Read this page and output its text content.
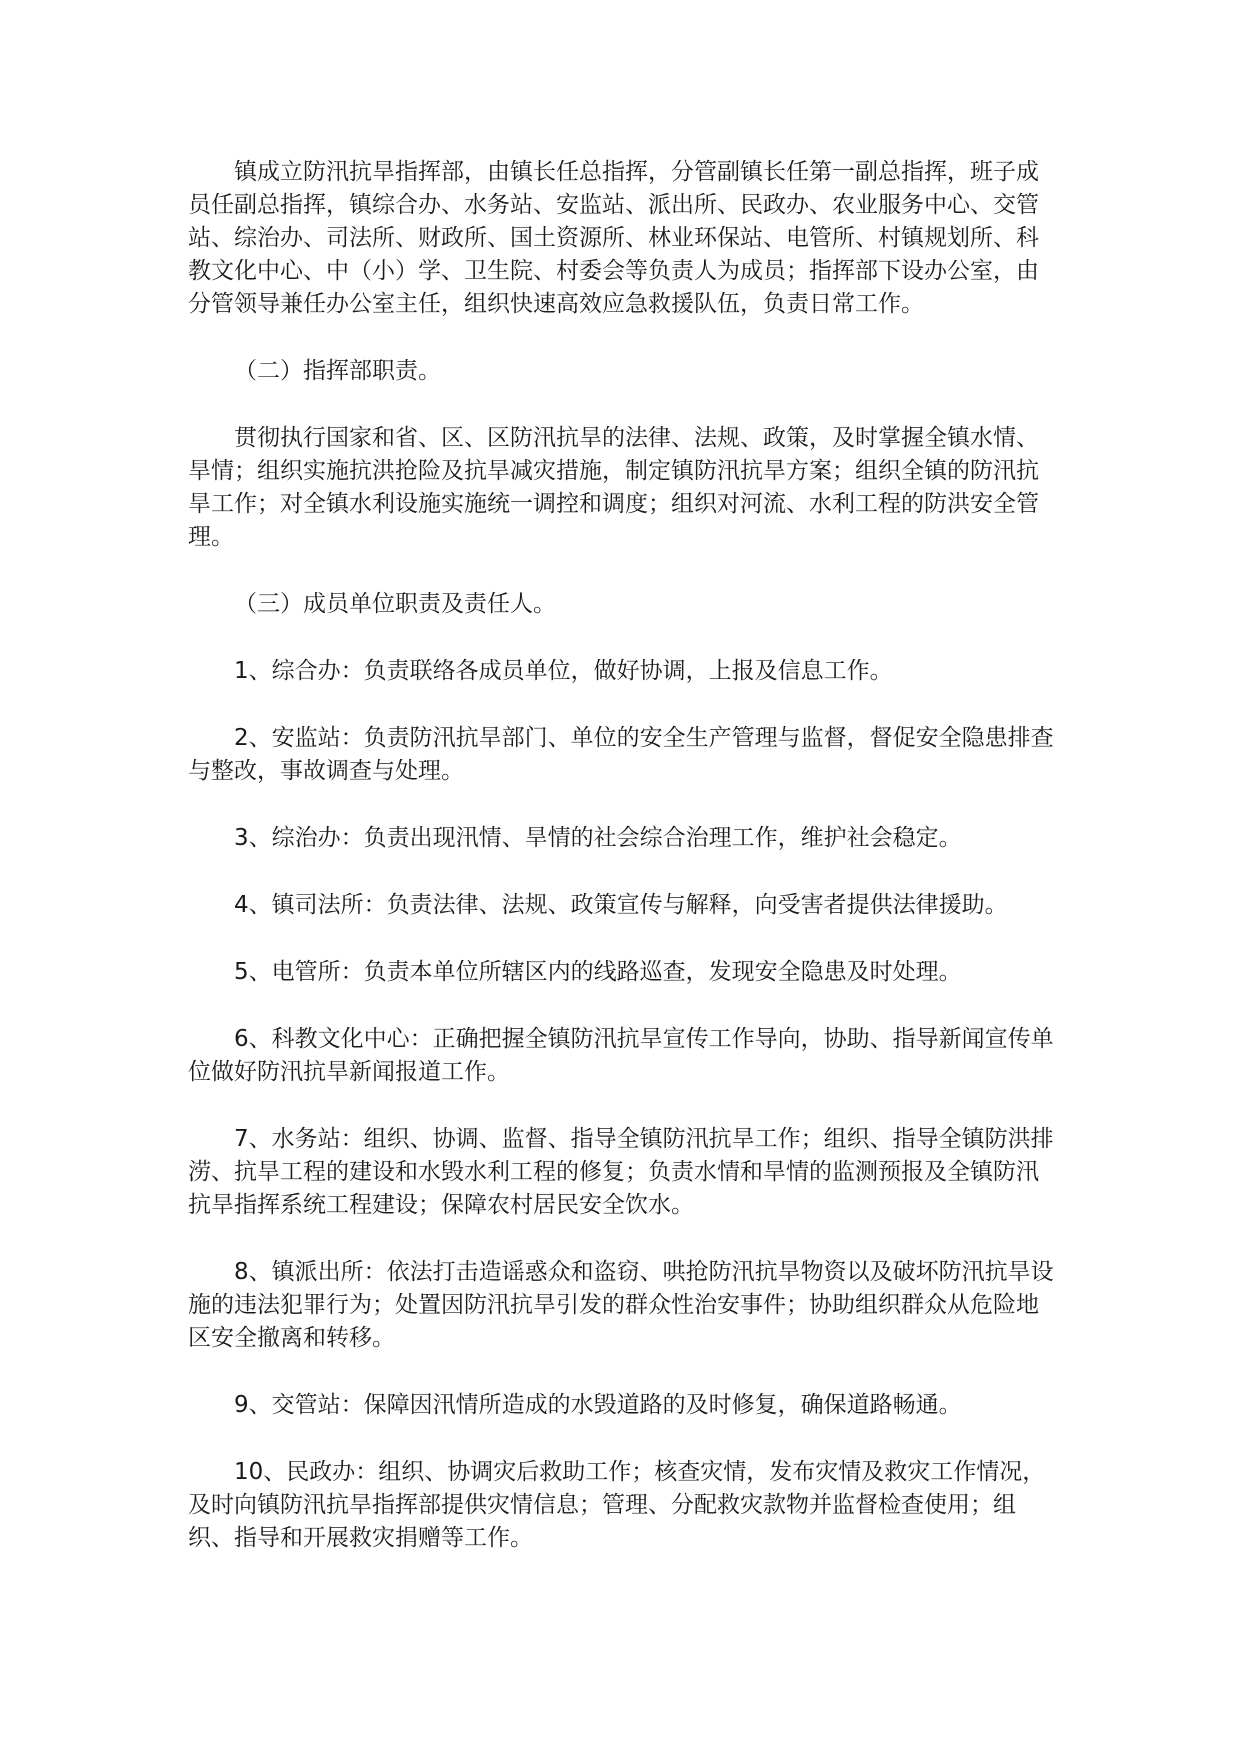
镇成立防汛抗旱指挥部，由镇长任总指挥，分管副镇长任第一副总指挥，班子成员任副总指挥，镇综合办、水务站、安监站、派出所、民政办、农业服务中心、交管站、综治办、司法所、财政所、国土资源所、林业环保站、电管所、村镇规划所、科教文化中心、中（小）学、卫生院、村委会等负责人为成员；指挥部下设办公室，由分管领导兼任办公室主任，组织快速高效应急救援队伍，负责日常工作。

（二）指挥部职责。

贯彻执行国家和省、区、区防汛抗旱的法律、法规、政策，及时掌握全镇水情、旱情；组织实施抗洪抢险及抗旱减灾措施，制定镇防汛抗旱方案；组织全镇的防汛抗旱工作；对全镇水利设施实施统一调控和调度；组织对河流、水利工程的防洪安全管理。

（三）成员单位职责及责任人。

1、综合办：负责联络各成员单位，做好协调，上报及信息工作。

2、安监站：负责防汛抗旱部门、单位的安全生产管理与监督，督促安全隐患排查与整改，事故调查与处理。

3、综治办：负责出现汛情、旱情的社会综合治理工作，维护社会稳定。

4、镇司法所：负责法律、法规、政策宣传与解释，向受害者提供法律援助。

5、电管所：负责本单位所辖区内的线路巡查，发现安全隐患及时处理。

6、科教文化中心：正确把握全镇防汛抗旱宣传工作导向，协助、指导新闻宣传单位做好防汛抗旱新闻报道工作。

7、水务站：组织、协调、监督、指导全镇防汛抗旱工作；组织、指导全镇防洪排涝、抗旱工程的建设和水毁水利工程的修复；负责水情和旱情的监测预报及全镇防汛抗旱指挥系统工程建设；保障农村居民安全饮水。

8、镇派出所：依法打击造谣惑众和盗窃、哄抢防汛抗旱物资以及破坏防汛抗旱设施的违法犯罪行为；处置因防汛抗旱引发的群众性治安事件；协助组织群众从危险地区安全撤离和转移。

9、交管站：保障因汛情所造成的水毁道路的及时修复，确保道路畅通。

10、民政办：组织、协调灾后救助工作；核查灾情，发布灾情及救灾工作情况，及时向镇防汛抗旱指挥部提供灾情信息；管理、分配救灾款物并监督检查使用；组织、指导和开展救灾捐赠等工作。
